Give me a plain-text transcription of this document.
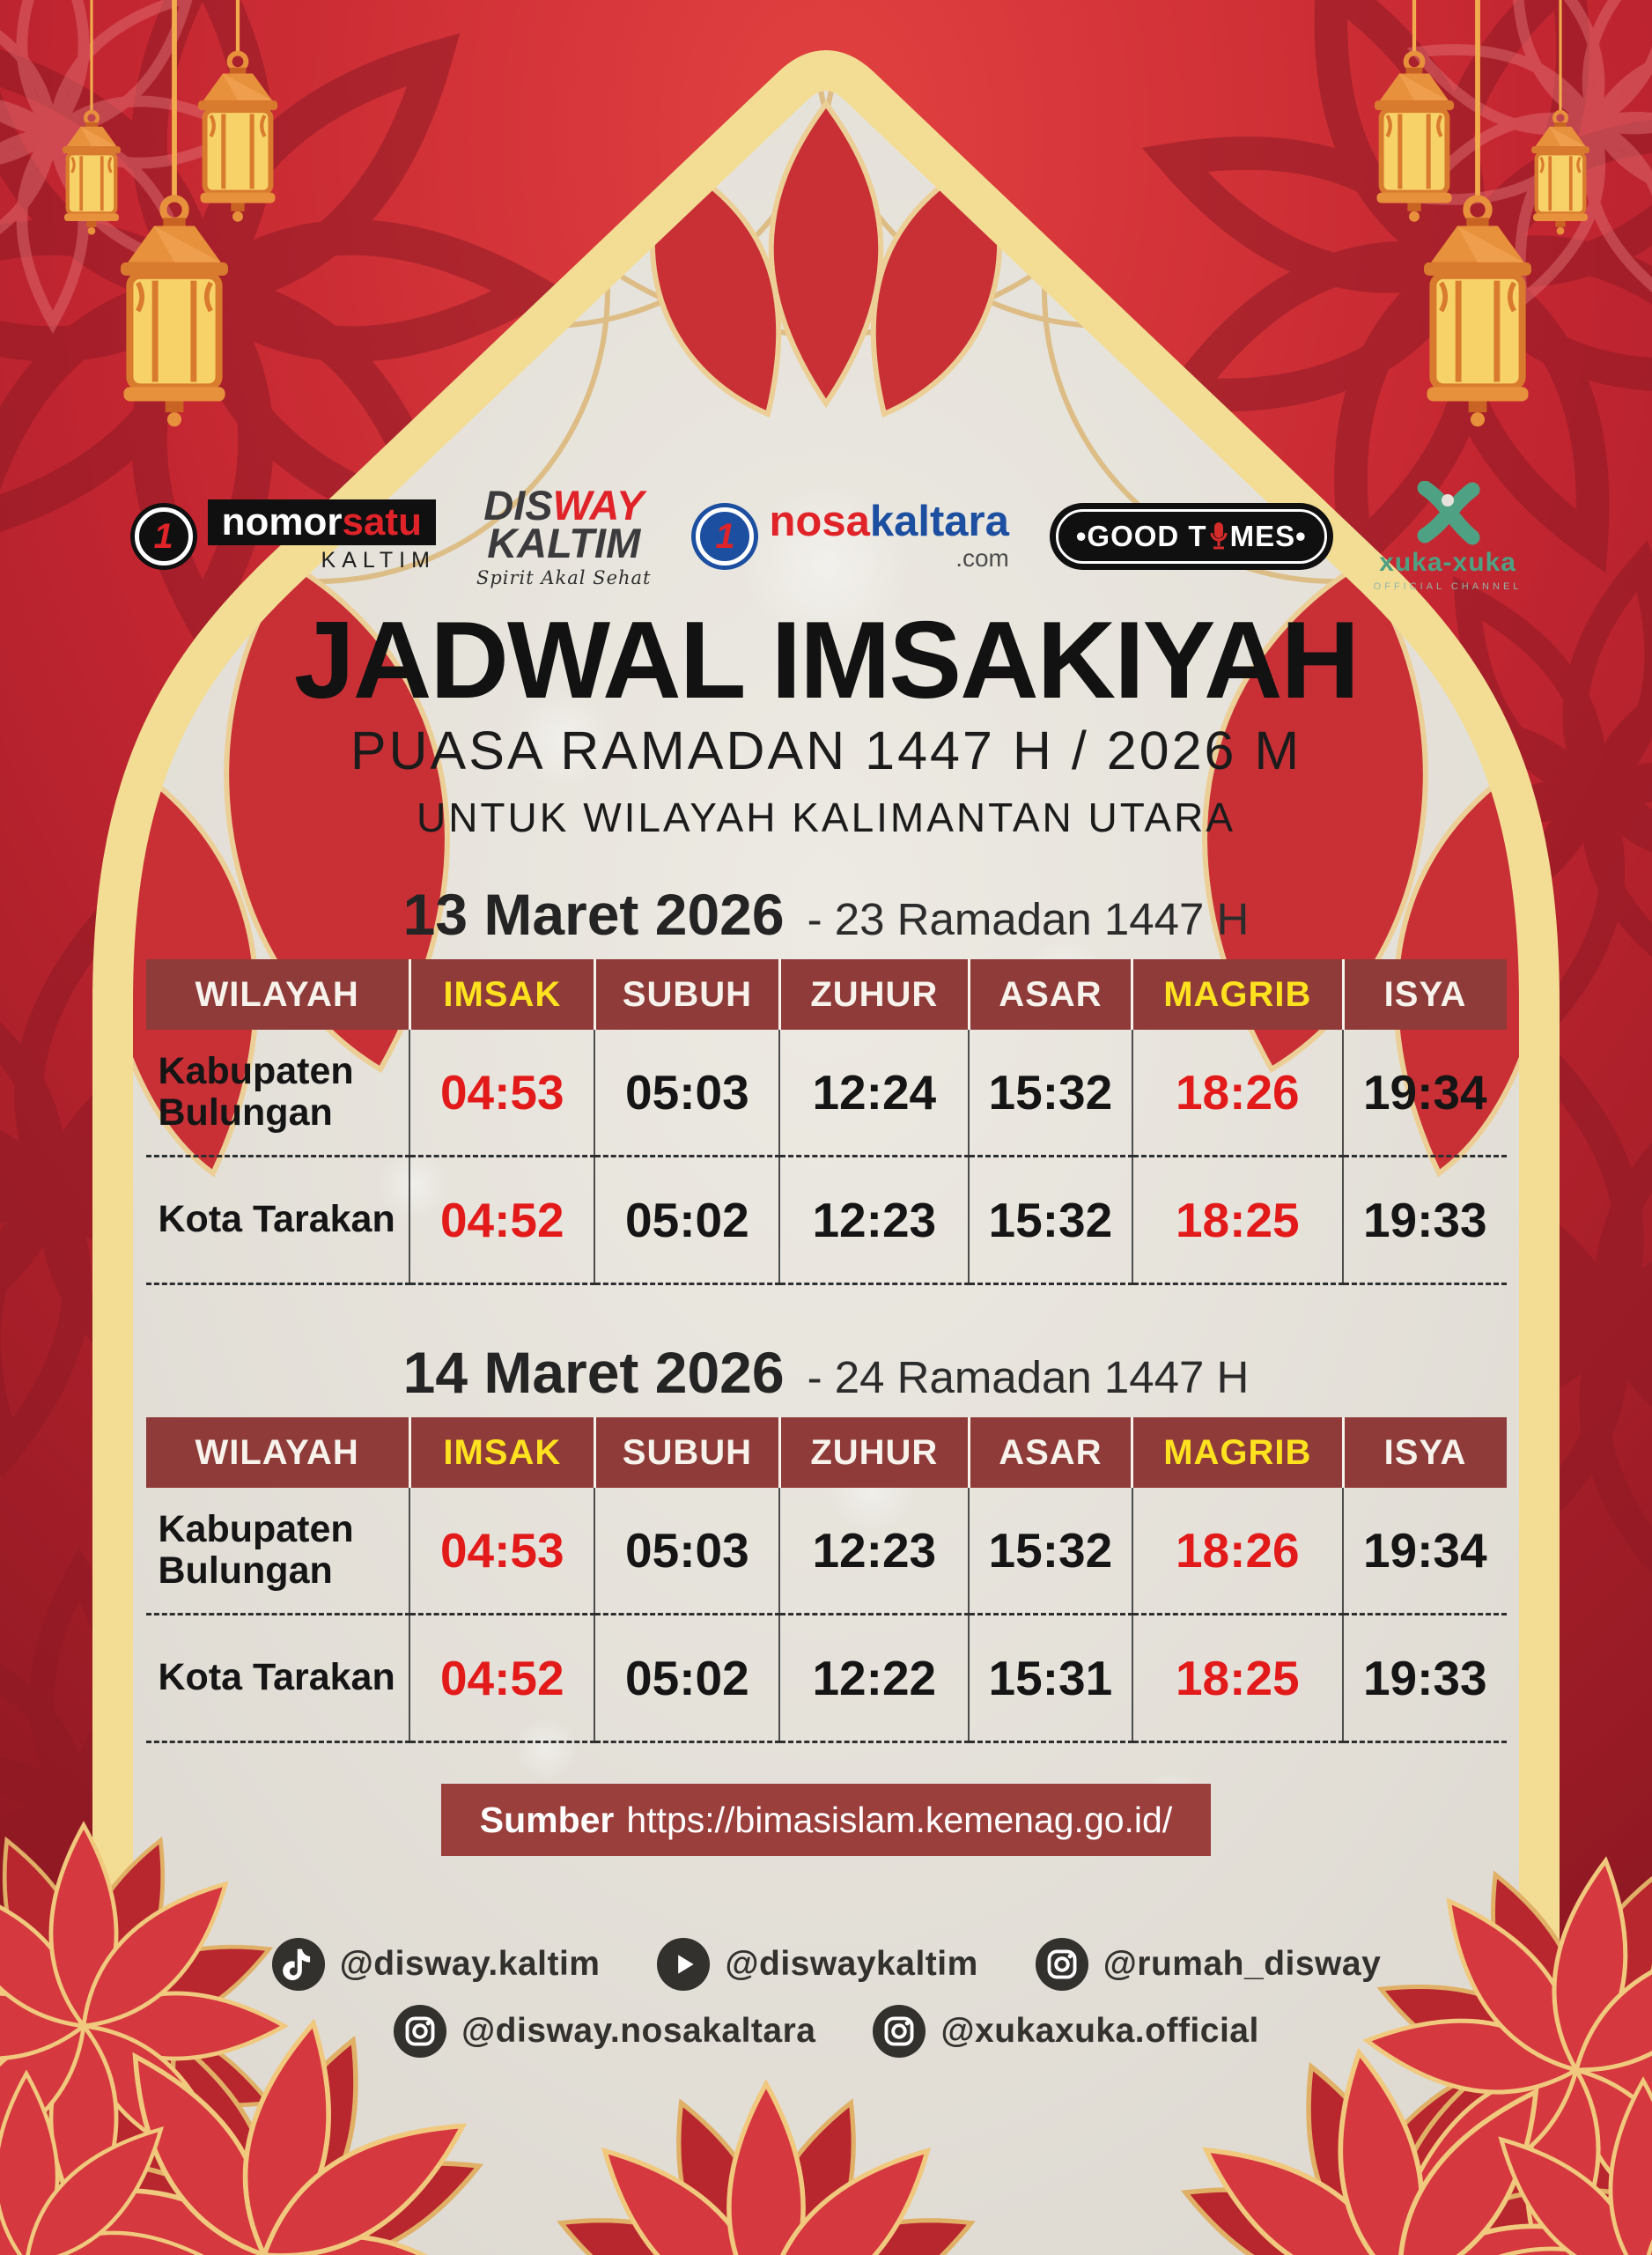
1	nomorsatu
KALTIM
DISWAY
KALTIM
Spirit Akal Sehat
1 nosakaltara
.com
•GOOD T MES•
xuka-xuka
OFFICIAL CHANNEL
JADWAL IMSAKIYAH
PUASA RAMADAN 1447 H / 2026 M
UNTUK WILAYAH KALIMANTAN UTARA
13 Maret 2026 - 23 Ramadan 1447 H
WILAYAH	IMSAK	SUBUH	ZUHUR	ASAR	MAGRIB	ISYA
Kabupaten Bulungan	04:53	05:03	12:24	15:32	18:26	19:34
Kota Tarakan	04:52	05:02	12:23	15:32	18:25	19:33
14 Maret 2026 - 24 Ramadan 1447 H
WILAYAH	IMSAK	SUBUH	ZUHUR	ASAR	MAGRIB	ISYA
Kabupaten Bulungan	04:53	05:03	12:23	15:32	18:26	19:34
Kota Tarakan	04:52	05:02	12:22	15:31	18:25	19:33
Sumber https://bimasislam.kemenag.go.id/
@disway.kaltim	@diswaykaltim	@rumah_disway
@disway.nosakaltara	@xukaxuka.official
